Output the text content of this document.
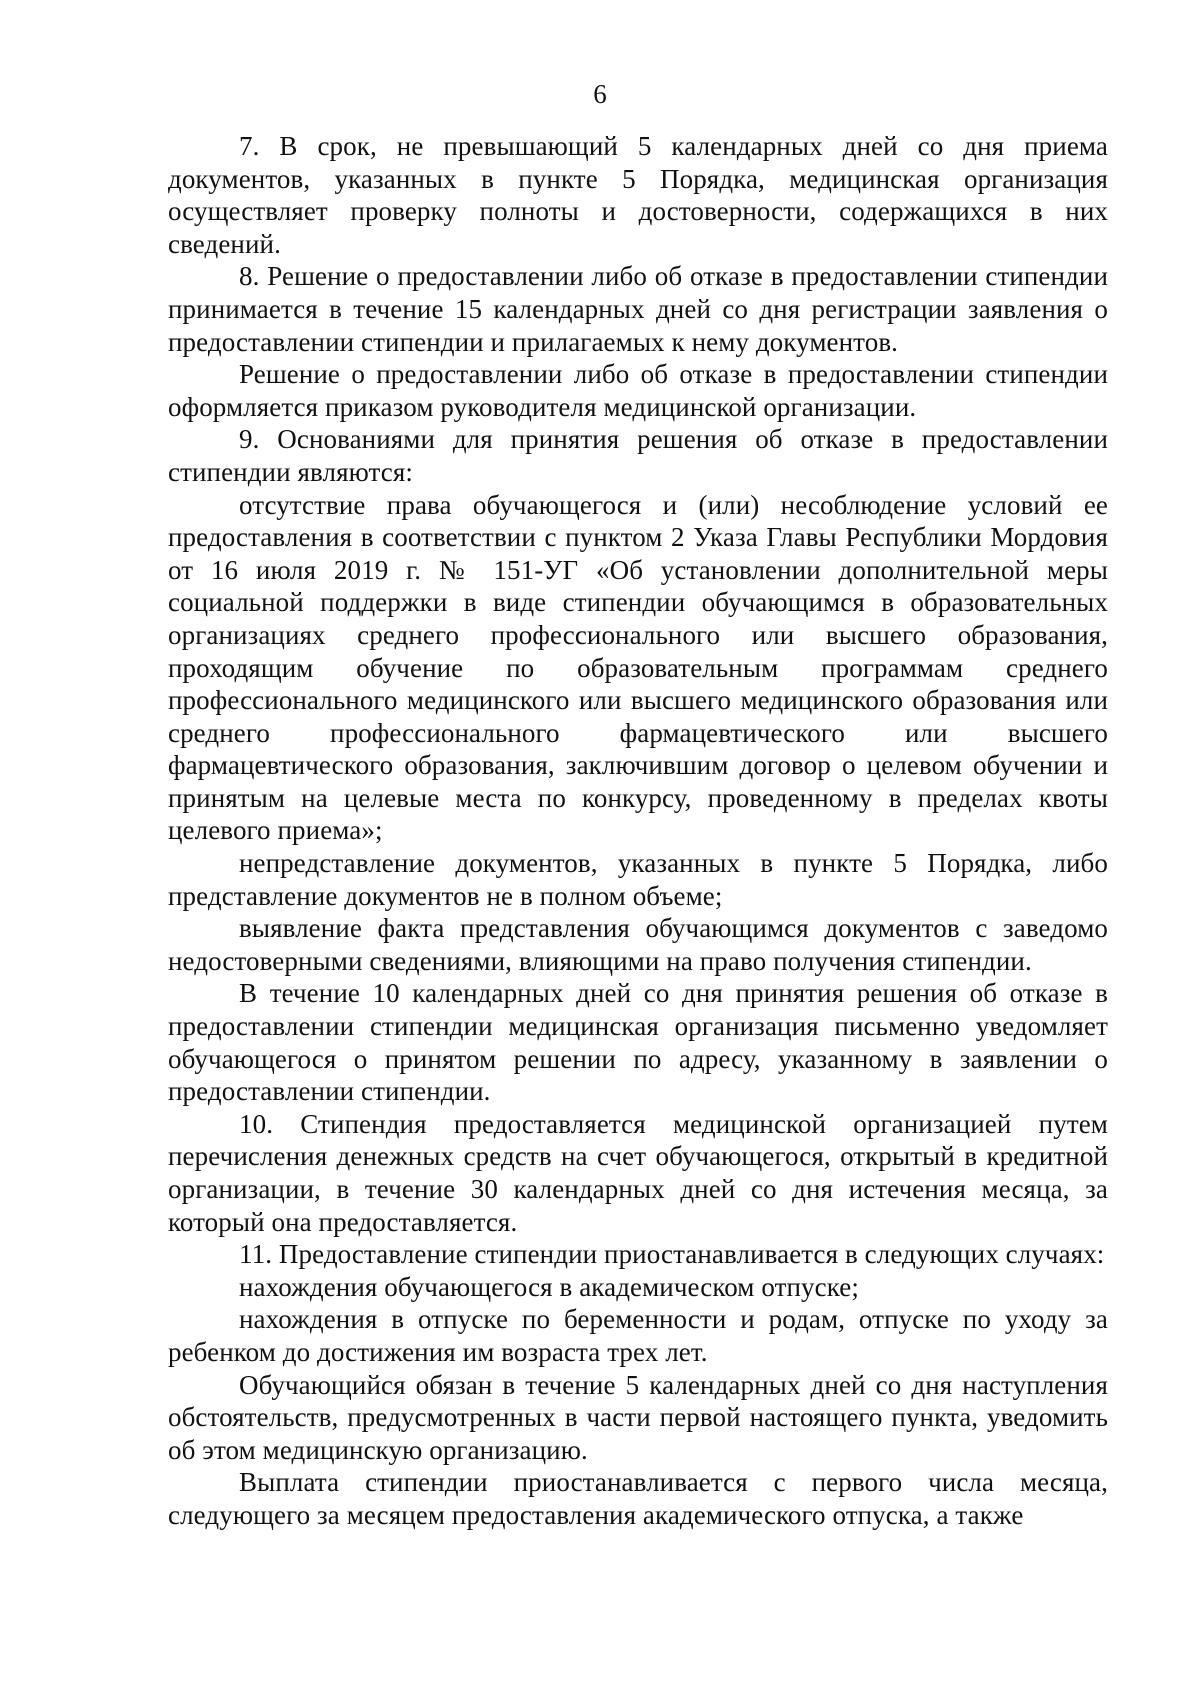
6

7. В срок, не превышающий 5 календарных дней со дня приема документов, указанных в пункте 5 Порядка, медицинская организация осуществляет проверку полноты и достоверности, содержащихся в них сведений.

8. Решение о предоставлении либо об отказе в предоставлении стипендии принимается в течение 15 календарных дней со дня регистрации заявления о предоставлении стипендии и прилагаемых к нему документов.

Решение о предоставлении либо об отказе в предоставлении стипендии оформляется приказом руководителя медицинской организации.

9. Основаниями для принятия решения об отказе в предоставлении стипендии являются:

отсутствие права обучающегося и (или) несоблюдение условий ее предоставления в соответствии с пунктом 2 Указа Главы Республики Мордовия от 16 июля 2019 г. № 151-УГ «Об установлении дополнительной меры социальной поддержки в виде стипендии обучающимся в образовательных организациях среднего профессионального или высшего образования, проходящим обучение по образовательным программам среднего профессионального медицинского или высшего медицинского образования или среднего профессионального фармацевтического или высшего фармацевтического образования, заключившим договор о целевом обучении и принятым на целевые места по конкурсу, проведенному в пределах квоты целевого приема»;

непредставление документов, указанных в пункте 5 Порядка, либо представление документов не в полном объеме;

выявление факта представления обучающимся документов с заведомо недостоверными сведениями, влияющими на право получения стипендии.

В течение 10 календарных дней со дня принятия решения об отказе в предоставлении стипендии медицинская организация письменно уведомляет обучающегося о принятом решении по адресу, указанному в заявлении о предоставлении стипендии.

10. Стипендия предоставляется медицинской организацией путем перечисления денежных средств на счет обучающегося, открытый в кредитной организации, в течение 30 календарных дней со дня истечения месяца, за который она предоставляется.

11. Предоставление стипендии приостанавливается в следующих случаях:

нахождения обучающегося в академическом отпуске;

нахождения в отпуске по беременности и родам, отпуске по уходу за ребенком до достижения им возраста трех лет.

Обучающийся обязан в течение 5 календарных дней со дня наступления обстоятельств, предусмотренных в части первой настоящего пункта, уведомить об этом медицинскую организацию.

Выплата стипендии приостанавливается с первого числа месяца, следующего за месяцем предоставления академического отпуска, а также
